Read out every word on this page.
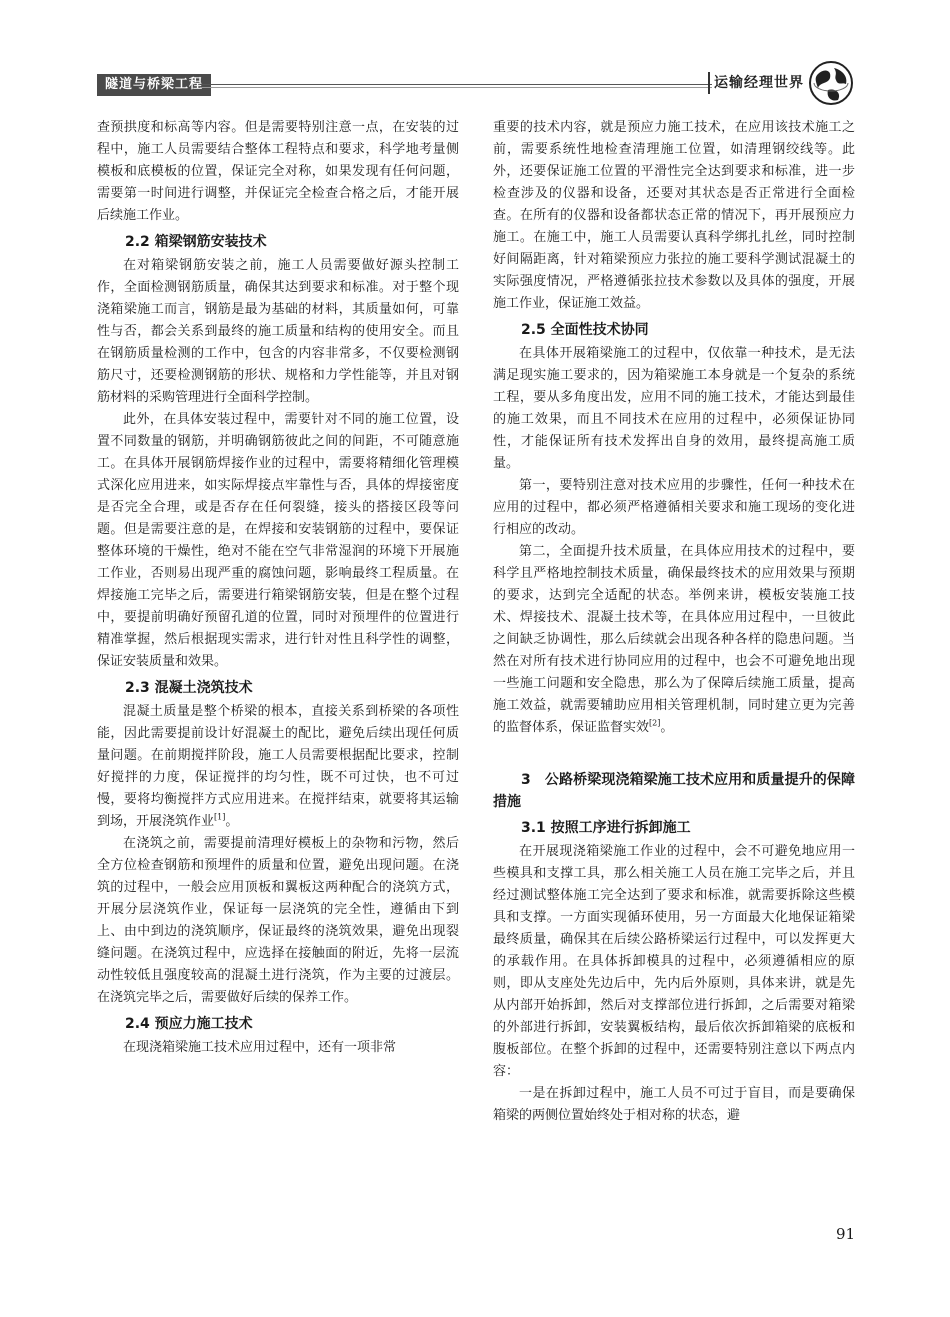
隧道与桥梁工程	运输经理世界

查预拱度和标高等内容。但是需要特别注意一点，在安装的过程中，施工人员需要结合整体工程特点和要求，科学地考量侧模板和底模板的位置，保证完全对称，如果发现有任何问题，需要第一时间进行调整，并保证完全检查合格之后，才能开展后续施工作业。

2.2 箱梁钢筋安装技术

在对箱梁钢筋安装之前，施工人员需要做好源头控制工作，全面检测钢筋质量，确保其达到要求和标准。对于整个现浇箱梁施工而言，钢筋是最为基础的材料，其质量如何，可靠性与否，都会关系到最终的施工质量和结构的使用安全。而且在钢筋质量检测的工作中，包含的内容非常多，不仅要检测钢筋尺寸，还要检测钢筋的形状、规格和力学性能等，并且对钢筋材料的采购管理进行全面科学控制。

此外，在具体安装过程中，需要针对不同的施工位置，设置不同数量的钢筋，并明确钢筋彼此之间的间距，不可随意施工。在具体开展钢筋焊接作业的过程中，需要将精细化管理模式深化应用进来，如实际焊接点牢靠性与否，具体的焊接密度是否完全合理，或是否存在任何裂缝，接头的搭接区段等问题。但是需要注意的是，在焊接和安装钢筋的过程中，要保证整体环境的干燥性，绝对不能在空气非常湿润的环境下开展施工作业，否则易出现严重的腐蚀问题，影响最终工程质量。在焊接施工完毕之后，需要进行箱梁钢筋安装，但是在整个过程中，要提前明确好预留孔道的位置，同时对预埋件的位置进行精准掌握，然后根据现实需求，进行针对性且科学性的调整，保证安装质量和效果。

2.3 混凝土浇筑技术

混凝土质量是整个桥梁的根本，直接关系到桥梁的各项性能，因此需要提前设计好混凝土的配比，避免后续出现任何质量问题。在前期搅拌阶段，施工人员需要根据配比要求，控制好搅拌的力度，保证搅拌的均匀性，既不可过快，也不可过慢，要将均衡搅拌方式应用进来。在搅拌结束，就要将其运输到场，开展浇筑作业[1]。

在浇筑之前，需要提前清理好模板上的杂物和污物，然后全方位检查钢筋和预埋件的质量和位置，避免出现问题。在浇筑的过程中，一般会应用顶板和翼板这两种配合的浇筑方式，开展分层浇筑作业，保证每一层浇筑的完全性，遵循由下到上、由中到边的浇筑顺序，保证最终的浇筑效果，避免出现裂缝问题。在浇筑过程中，应选择在接触面的附近，先将一层流动性较低且强度较高的混凝土进行浇筑，作为主要的过渡层。在浇筑完毕之后，需要做好后续的保养工作。

2.4 预应力施工技术

在现浇箱梁施工技术应用过程中，还有一项非常

重要的技术内容，就是预应力施工技术，在应用该技术施工之前，需要系统性地检查清理施工位置，如清理钢绞线等。此外，还要保证施工位置的平滑性完全达到要求和标准，进一步检查涉及的仪器和设备，还要对其状态是否正常进行全面检查。在所有的仪器和设备都状态正常的情况下，再开展预应力施工。在施工中，施工人员需要认真科学绑扎扎丝，同时控制好间隔距离，针对箱梁预应力张拉的施工要科学测试混凝土的实际强度情况，严格遵循张拉技术参数以及具体的强度，开展施工作业，保证施工效益。

2.5 全面性技术协同

在具体开展箱梁施工的过程中，仅依靠一种技术，是无法满足现实施工要求的，因为箱梁施工本身就是一个复杂的系统工程，要从多角度出发，应用不同的施工技术，才能达到最佳的施工效果，而且不同技术在应用的过程中，必须保证协同性，才能保证所有技术发挥出自身的效用，最终提高施工质量。

第一，要特别注意对技术应用的步骤性，任何一种技术在应用的过程中，都必须严格遵循相关要求和施工现场的变化进行相应的改动。

第二，全面提升技术质量，在具体应用技术的过程中，要科学且严格地控制技术质量，确保最终技术的应用效果与预期的要求，达到完全适配的状态。举例来讲，模板安装施工技术、焊接技术、混凝土技术等，在具体应用过程中，一旦彼此之间缺乏协调性，那么后续就会出现各种各样的隐患问题。当然在对所有技术进行协同应用的过程中，也会不可避免地出现一些施工问题和安全隐患，那么为了保障后续施工质量，提高施工效益，就需要辅助应用相关管理机制，同时建立更为完善的监督体系，保证监督实效[2]。

3　公路桥梁现浇箱梁施工技术应用和质量提升的保障措施
3.1 按照工序进行拆卸施工

在开展现浇箱梁施工作业的过程中，会不可避免地应用一些模具和支撑工具，那么相关施工人员在施工完毕之后，并且经过测试整体施工完全达到了要求和标准，就需要拆除这些模具和支撑。一方面实现循环使用，另一方面最大化地保证箱梁最终质量，确保其在后续公路桥梁运行过程中，可以发挥更大的承载作用。在具体拆卸模具的过程中，必须遵循相应的原则，即从支座处先边后中，先内后外原则，具体来讲，就是先从内部开始拆卸，然后对支撑部位进行拆卸，之后需要对箱梁的外部进行拆卸，安装翼板结构，最后依次拆卸箱梁的底板和腹板部位。在整个拆卸的过程中，还需要特别注意以下两点内容：

一是在拆卸过程中，施工人员不可过于盲目，而是要确保箱梁的两侧位置始终处于相对称的状态，避

91
